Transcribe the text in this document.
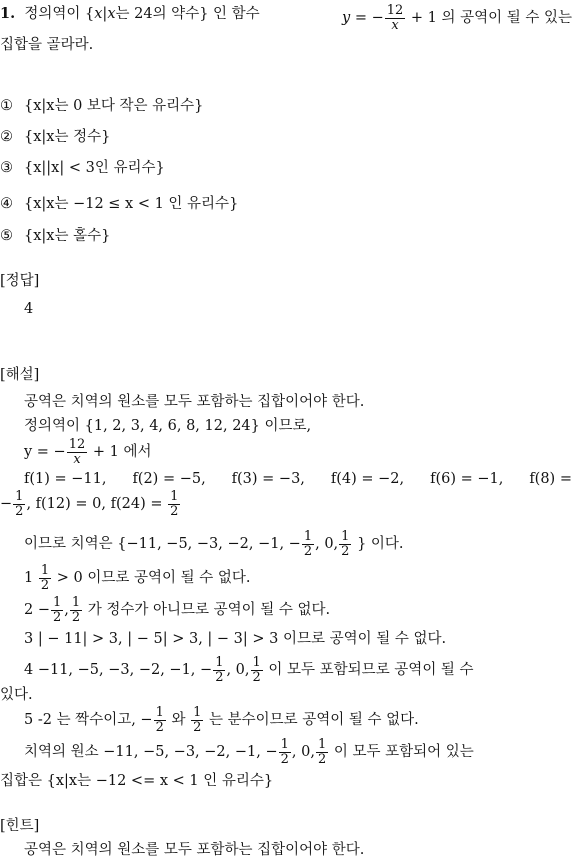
1. 정의역이 {x|x는 24의 약수} 인 함수	y = − $\frac{12}{x} + 1$ 의 공역이 될 수 있는
집합을 골라라.
① {x|x는 0 보다 작은 유리수}
② {x|x는 정수}
③ {x||x| < 3인 유리수}
④ {x|x는 −12 ≤ x < 1 인 유리수}
⑤ {x|x는 홀수}
[정답]
4
[해설]
공역은 치역의 원소를 모두 포함하는 집합이어야 한다.
정의역이 {1, 2, 3, 4, 6, 8, 12, 24} 이므로,
y = − $\frac{12}{x} + 1$ 에서
f(1) = −11, f(2) = −5, f(3) = −3, f(4) = −2, f(6) = −1, f(8) =
− $\frac{1}{2}$ , f(12) = 0, $f(24) = \frac{1}{2}$
이므로 치역은 {−11, −5, −3, −2, −1, − $\frac{1}{2}$ , 0, $\frac{1}{2}$ } 이다.
$1 \frac{1}{2} > 0$ 이므로 공역이 될 수 없다.
$2 - \frac{1}{2}$ , $\frac{1}{2}$ 가 정수가 아니므로 공역이 될 수 없다.
3 | − 11| > 3, | − 5| > 3, | − 3| > 3 이므로 공역이 될 수 없다.
4 −11, −5, −3, −2, −1, − $\frac{1}{2}$ , 0, $\frac{1}{2}$ 이 모두 포함되므로 공역이 될 수
있다.
5 -2 는 짝수이고, − $\frac{1}{2}$ 와 $\frac{1}{2}$ 는 분수이므로 공역이 될 수 없다.
치역의 원소 −11, −5, −3, −2, −1, − $\frac{1}{2}$ , 0, $\frac{1}{2}$ 이 모두 포함되어 있는
집합은 {x|x는 −12 <= x < 1 인 유리수}
[힌트]
공역은 치역의 원소를 모두 포함하는 집합이어야 한다.
